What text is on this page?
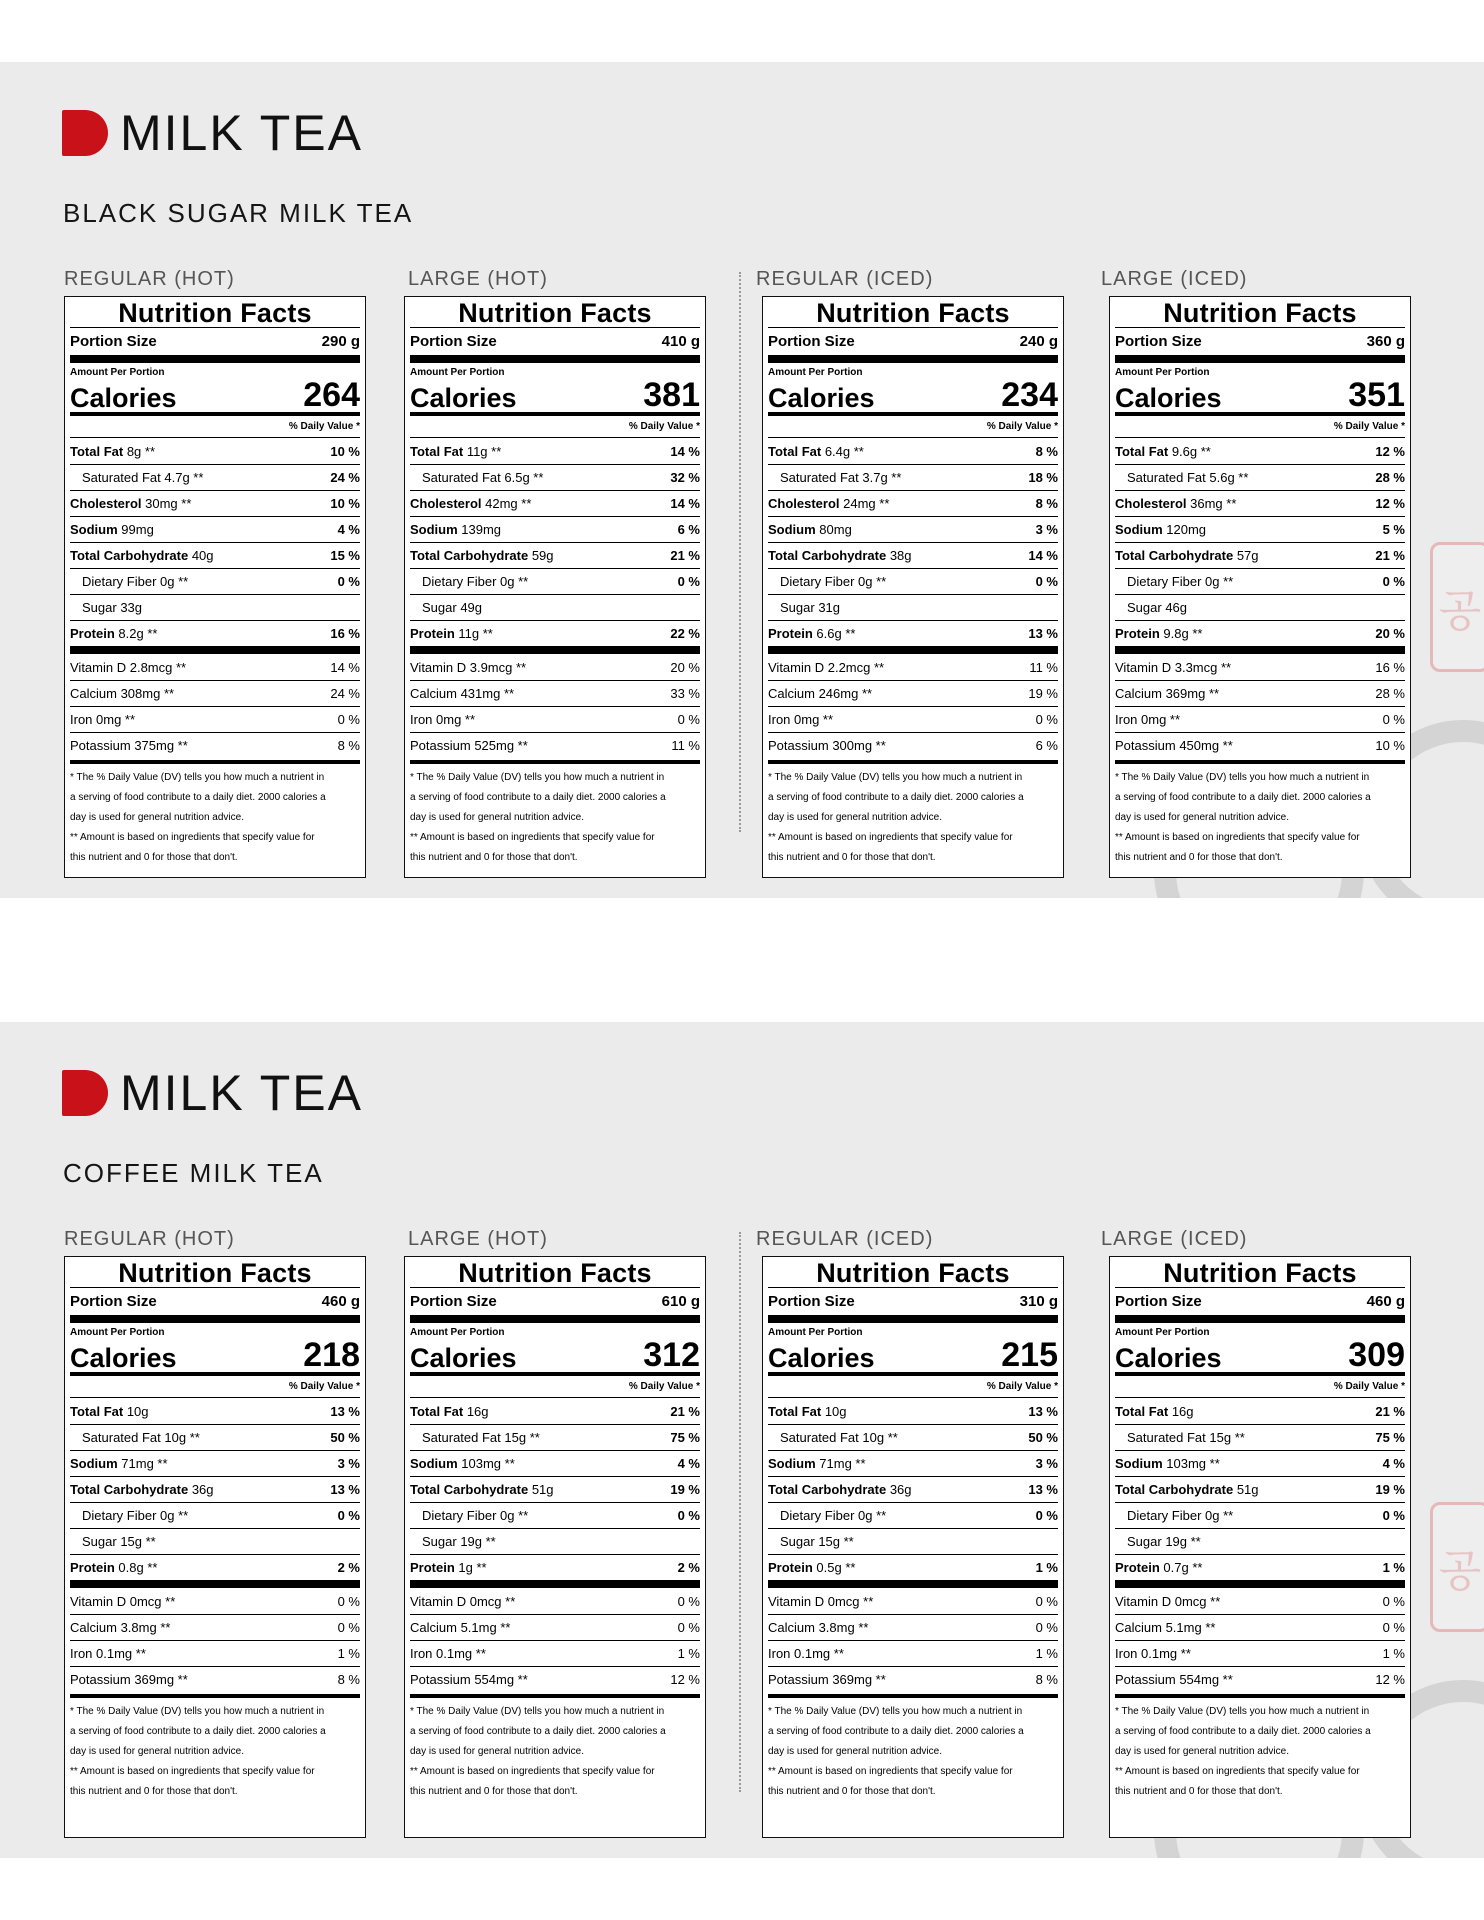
공
MILK TEA
BLACK SUGAR MILK TEA
REGULAR (HOT)
Nutrition Facts
Portion Size	290 g
Amount Per Portion
Calories	264
% Daily Value *
Total Fat 8g **	10 %
Saturated Fat 4.7g **	24 %
Cholesterol 30mg **	10 %
Sodium 99mg	4 %
Total Carbohydrate 40g	15 %
Dietary Fiber 0g **	0 %
Sugar 33g
Protein 8.2g **	16 %
Vitamin D 2.8mcg **	14 %
Calcium 308mg **	24 %
Iron 0mg **	0 %
Potassium 375mg **	8 %
* The % Daily Value (DV) tells you how much a nutrient in
a serving of food contribute to a daily diet. 2000 calories a
day is used for general nutrition advice.
** Amount is based on ingredients that specify value for
this nutrient and 0 for those that don't.
LARGE (HOT)
Nutrition Facts
Portion Size	410 g
Amount Per Portion
Calories	381
% Daily Value *
Total Fat 11g **	14 %
Saturated Fat 6.5g **	32 %
Cholesterol 42mg **	14 %
Sodium 139mg	6 %
Total Carbohydrate 59g	21 %
Dietary Fiber 0g **	0 %
Sugar 49g
Protein 11g **	22 %
Vitamin D 3.9mcg **	20 %
Calcium 431mg **	33 %
Iron 0mg **	0 %
Potassium 525mg **	11 %
* The % Daily Value (DV) tells you how much a nutrient in
a serving of food contribute to a daily diet. 2000 calories a
day is used for general nutrition advice.
** Amount is based on ingredients that specify value for
this nutrient and 0 for those that don't.
REGULAR (ICED)
Nutrition Facts
Portion Size	240 g
Amount Per Portion
Calories	234
% Daily Value *
Total Fat 6.4g **	8 %
Saturated Fat 3.7g **	18 %
Cholesterol 24mg **	8 %
Sodium 80mg	3 %
Total Carbohydrate 38g	14 %
Dietary Fiber 0g **	0 %
Sugar 31g
Protein 6.6g **	13 %
Vitamin D 2.2mcg **	11 %
Calcium 246mg **	19 %
Iron 0mg **	0 %
Potassium 300mg **	6 %
* The % Daily Value (DV) tells you how much a nutrient in
a serving of food contribute to a daily diet. 2000 calories a
day is used for general nutrition advice.
** Amount is based on ingredients that specify value for
this nutrient and 0 for those that don't.
LARGE (ICED)
Nutrition Facts
Portion Size	360 g
Amount Per Portion
Calories	351
% Daily Value *
Total Fat 9.6g **	12 %
Saturated Fat 5.6g **	28 %
Cholesterol 36mg **	12 %
Sodium 120mg	5 %
Total Carbohydrate 57g	21 %
Dietary Fiber 0g **	0 %
Sugar 46g
Protein 9.8g **	20 %
Vitamin D 3.3mcg **	16 %
Calcium 369mg **	28 %
Iron 0mg **	0 %
Potassium 450mg **	10 %
* The % Daily Value (DV) tells you how much a nutrient in
a serving of food contribute to a daily diet. 2000 calories a
day is used for general nutrition advice.
** Amount is based on ingredients that specify value for
this nutrient and 0 for those that don't.
공
MILK TEA
COFFEE MILK TEA
REGULAR (HOT)
Nutrition Facts
Portion Size	460 g
Amount Per Portion
Calories	218
% Daily Value *
Total Fat 10g	13 %
Saturated Fat 10g **	50 %
Sodium 71mg **	3 %
Total Carbohydrate 36g	13 %
Dietary Fiber 0g **	0 %
Sugar 15g **
Protein 0.8g **	2 %
Vitamin D 0mcg **	0 %
Calcium 3.8mg **	0 %
Iron 0.1mg **	1 %
Potassium 369mg **	8 %
* The % Daily Value (DV) tells you how much a nutrient in
a serving of food contribute to a daily diet. 2000 calories a
day is used for general nutrition advice.
** Amount is based on ingredients that specify value for
this nutrient and 0 for those that don't.
LARGE (HOT)
Nutrition Facts
Portion Size	610 g
Amount Per Portion
Calories	312
% Daily Value *
Total Fat 16g	21 %
Saturated Fat 15g **	75 %
Sodium 103mg **	4 %
Total Carbohydrate 51g	19 %
Dietary Fiber 0g **	0 %
Sugar 19g **
Protein 1g **	2 %
Vitamin D 0mcg **	0 %
Calcium 5.1mg **	0 %
Iron 0.1mg **	1 %
Potassium 554mg **	12 %
* The % Daily Value (DV) tells you how much a nutrient in
a serving of food contribute to a daily diet. 2000 calories a
day is used for general nutrition advice.
** Amount is based on ingredients that specify value for
this nutrient and 0 for those that don't.
REGULAR (ICED)
Nutrition Facts
Portion Size	310 g
Amount Per Portion
Calories	215
% Daily Value *
Total Fat 10g	13 %
Saturated Fat 10g **	50 %
Sodium 71mg **	3 %
Total Carbohydrate 36g	13 %
Dietary Fiber 0g **	0 %
Sugar 15g **
Protein 0.5g **	1 %
Vitamin D 0mcg **	0 %
Calcium 3.8mg **	0 %
Iron 0.1mg **	1 %
Potassium 369mg **	8 %
* The % Daily Value (DV) tells you how much a nutrient in
a serving of food contribute to a daily diet. 2000 calories a
day is used for general nutrition advice.
** Amount is based on ingredients that specify value for
this nutrient and 0 for those that don't.
LARGE (ICED)
Nutrition Facts
Portion Size	460 g
Amount Per Portion
Calories	309
% Daily Value *
Total Fat 16g	21 %
Saturated Fat 15g **	75 %
Sodium 103mg **	4 %
Total Carbohydrate 51g	19 %
Dietary Fiber 0g **	0 %
Sugar 19g **
Protein 0.7g **	1 %
Vitamin D 0mcg **	0 %
Calcium 5.1mg **	0 %
Iron 0.1mg **	1 %
Potassium 554mg **	12 %
* The % Daily Value (DV) tells you how much a nutrient in
a serving of food contribute to a daily diet. 2000 calories a
day is used for general nutrition advice.
** Amount is based on ingredients that specify value for
this nutrient and 0 for those that don't.
